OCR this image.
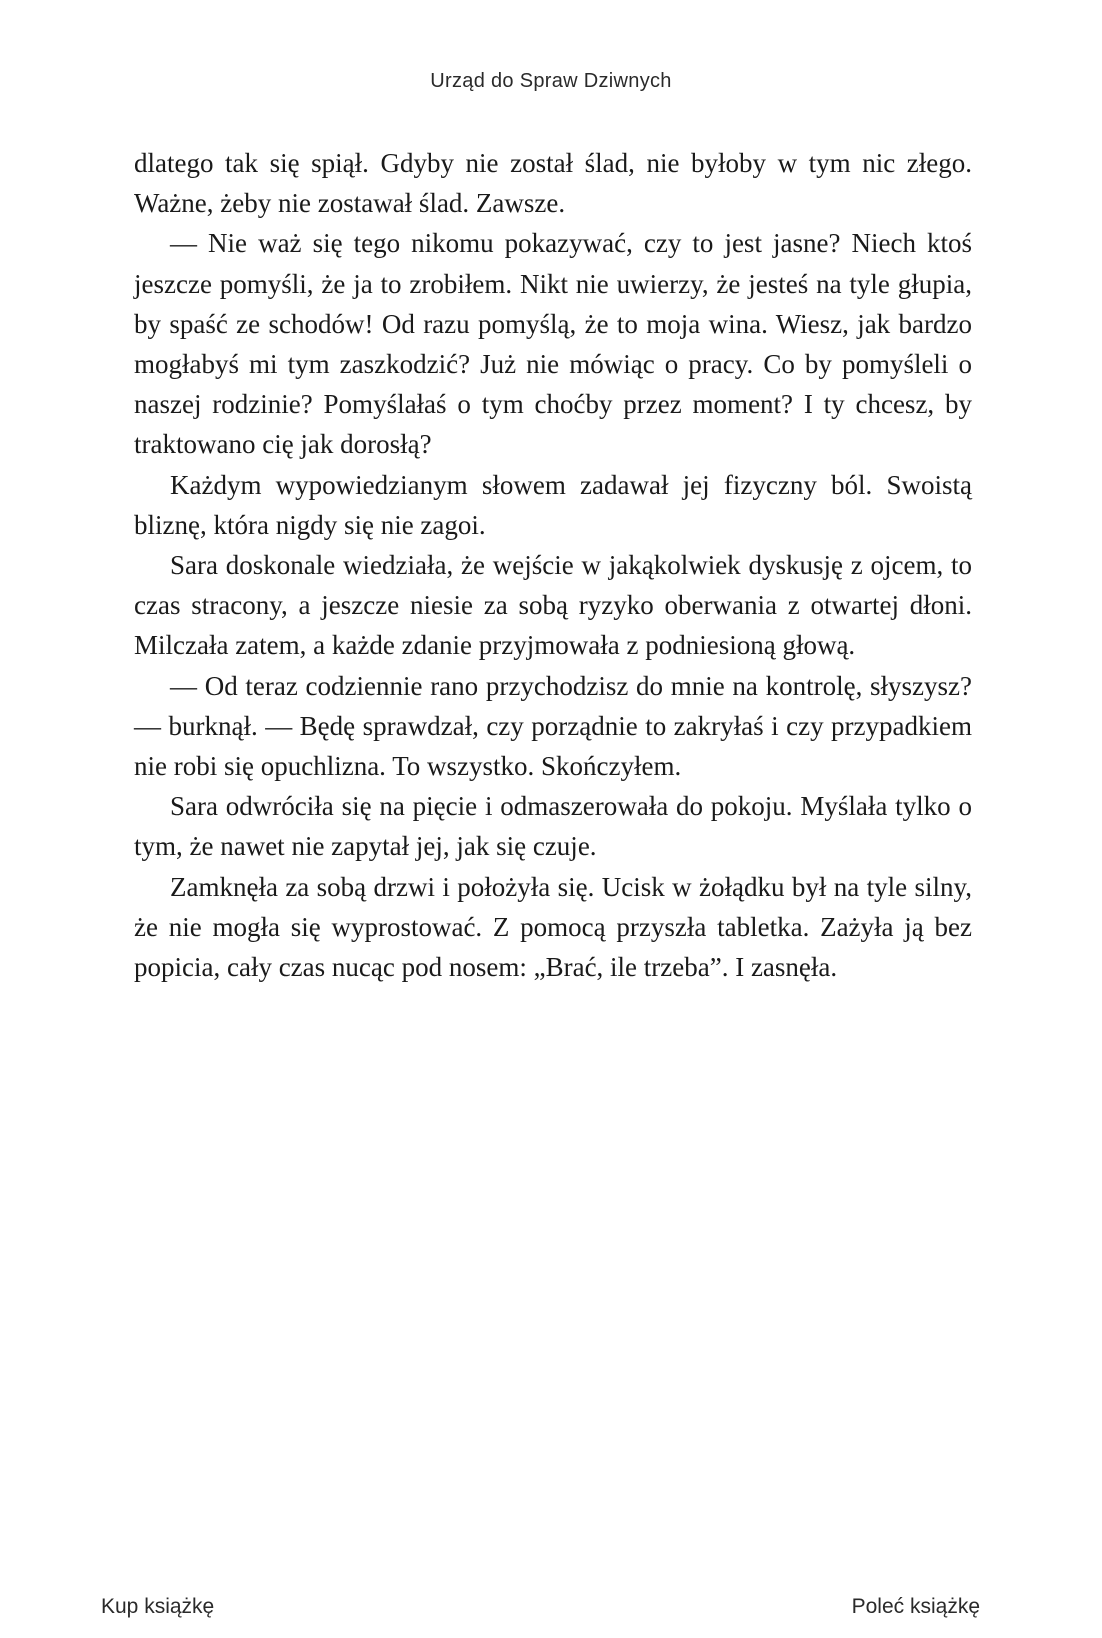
Urząd do Spraw Dziwnych

dlatego tak się spiął. Gdyby nie został ślad, nie byłoby w tym nic złego. Ważne, żeby nie zostawał ślad. Zawsze.

— Nie waż się tego nikomu pokazywać, czy to jest jasne? Niech ktoś jeszcze pomyśli, że ja to zrobiłem. Nikt nie uwierzy, że jesteś na tyle głupia, by spaść ze schodów! Od razu pomyślą, że to moja wina. Wiesz, jak bardzo mogłabyś mi tym zaszkodzić? Już nie mówiąc o pracy. Co by pomyśleli o naszej rodzinie? Pomyślałaś o tym choćby przez moment? I ty chcesz, by traktowano cię jak dorosłą?

Każdym wypowiedzianym słowem zadawał jej fizyczny ból. Swoistą bliznę, która nigdy się nie zagoi.

Sara doskonale wiedziała, że wejście w jakąkolwiek dyskusję z ojcem, to czas stracony, a jeszcze niesie za sobą ryzyko oberwania z otwartej dłoni. Milczała zatem, a każde zdanie przyjmowała z podniesioną głową.

— Od teraz codziennie rano przychodzisz do mnie na kontrolę, słyszysz? — burknął. — Będę sprawdzał, czy porządnie to zakryłaś i czy przypadkiem nie robi się opuchlizna. To wszystko. Skończyłem.

Sara odwróciła się na pięcie i odmaszerowała do pokoju. Myślała tylko o tym, że nawet nie zapytał jej, jak się czuje.

Zamknęła za sobą drzwi i położyła się. Ucisk w żołądku był na tyle silny, że nie mogła się wyprostować. Z pomocą przyszła tabletka. Zażyła ją bez popicia, cały czas nucąc pod nosem: „Brać, ile trzeba”. I zasnęła.

Kup książkę	Poleć książkę
